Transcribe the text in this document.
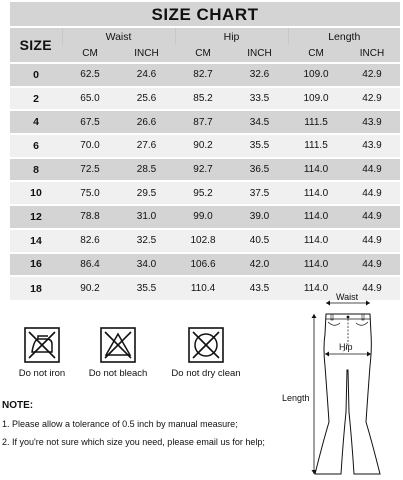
SIZE CHART
SIZE	Waist		Hip		Length	
	CM	INCH	CM	INCH	CM	INCH
0	62.5	24.6	82.7	32.6	109.0	42.9
2	65.0	25.6	85.2	33.5	109.0	42.9
4	67.5	26.6	87.7	34.5	111.5	43.9
6	70.0	27.6	90.2	35.5	111.5	43.9
8	72.5	28.5	92.7	36.5	114.0	44.9
10	75.0	29.5	95.2	37.5	114.0	44.9
12	78.8	31.0	99.0	39.0	114.0	44.9
14	82.6	32.5	102.8	40.5	114.0	44.9
16	86.4	34.0	106.6	42.0	114.0	44.9
18	90.2	35.5	110.4	43.5	114.0	44.9
Do not iron	Do not bleach	Do not dry clean
NOTE:
1. Please allow a tolerance of 0.5 inch by manual measure;
2. If you're not sure which size you need, please email us for help;
Waist
Hip
Length
